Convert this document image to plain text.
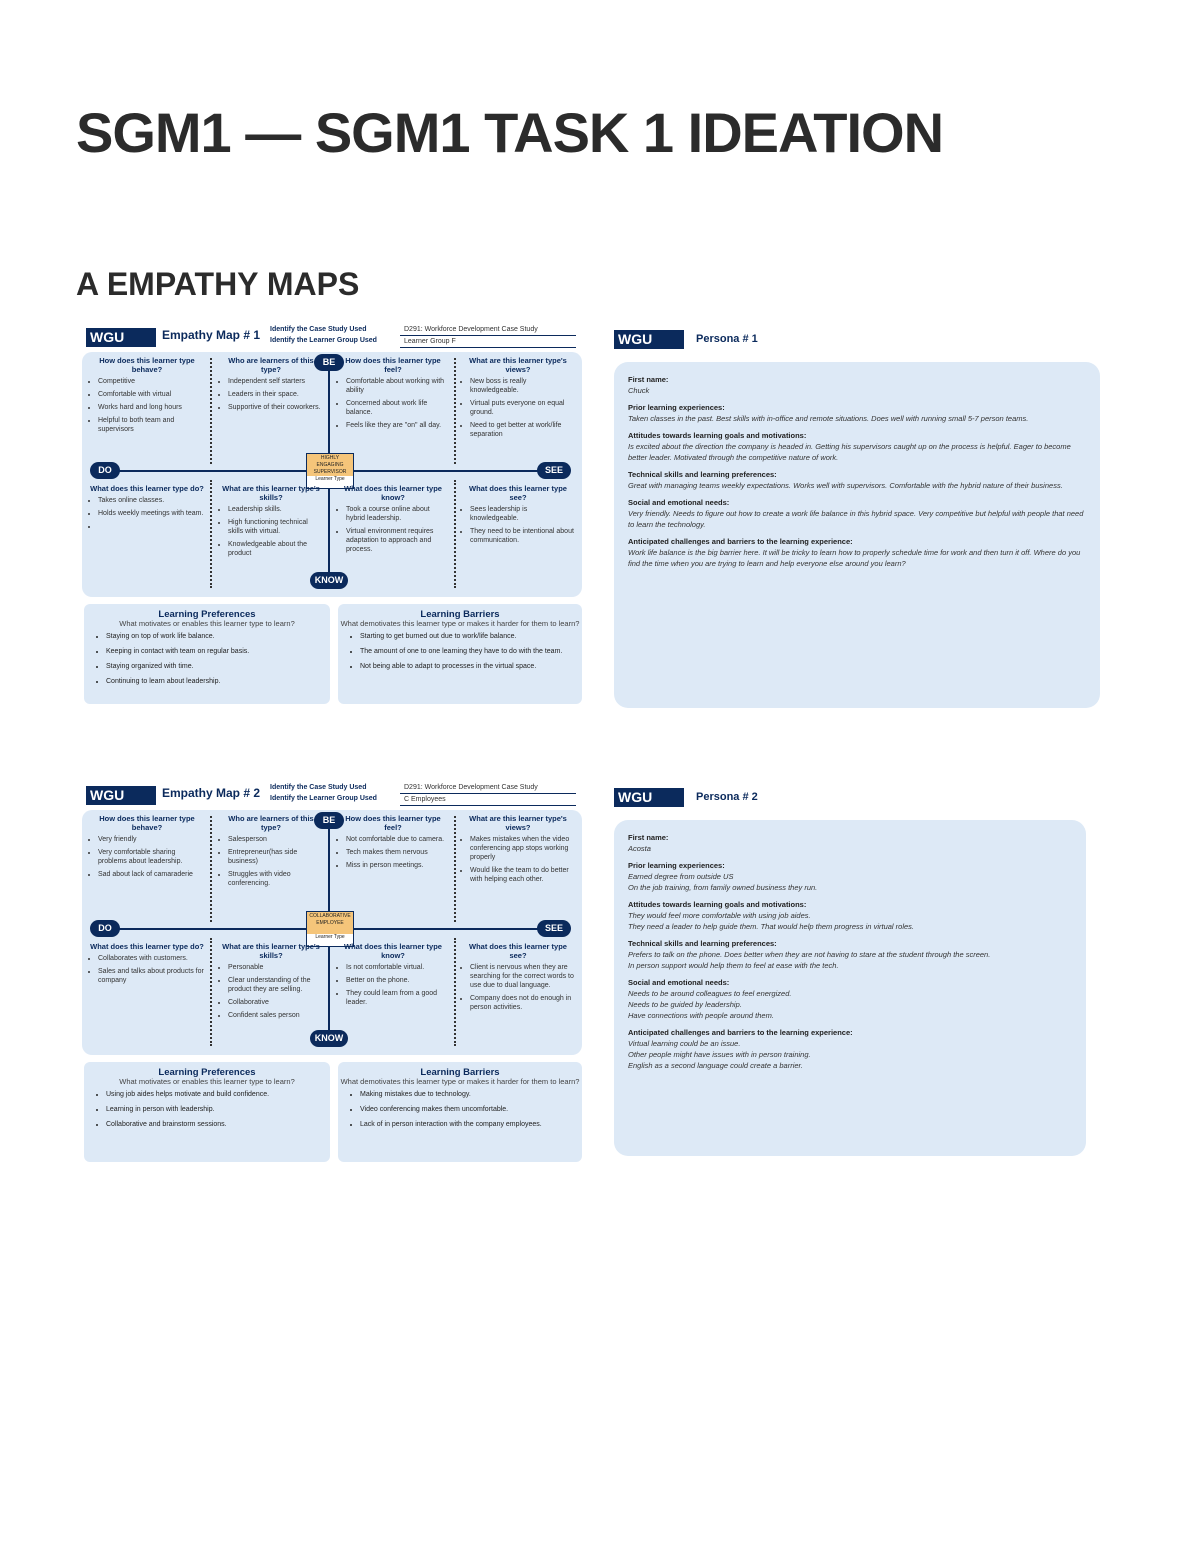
SGM1 — SGM1 TASK 1 IDEATION
A EMPATHY MAPS
WGU	Empathy Map # 1 Identify the Case Study Used
Identify the Learner Group Used
D291: Workforce Development Case Study
Learner Group F
BE
DO	SEE
KNOW
HIGHLY ENGAGING SUPERVISOR
Learner Type
How does this learner type behave?
• Competitive
• Comfortable with virtual
• Works hard and long hours
• Helpful to both team and supervisors
Who are learners of this type?
• Independent self starters
• Leaders in their space.
• Supportive of their coworkers.
How does this learner type feel?
• Comfortable about working with ability
• Concerned about work life balance.
• Feels like they are "on" all day.
What are this learner type's views?
• New boss is really knowledgeable.
• Virtual puts everyone on equal ground.
• Need to get better at work/life separation
What does this learner type do?
• Takes online classes.
• Holds weekly meetings with team.
•
What are this learner type's skills?
• Leadership skills.
• High functioning technical skills with virtual.
• Knowledgeable about the product
What does this learner type know?
• Took a course online about hybrid leadership.
• Virtual environment requires adaptation to approach and process.
What does this learner type see?
• Sees leadership is knowledgeable.
• They need to be intentional about communication.
Learning Preferences
What motivates or enables this learner type to learn?
• Staying on top of work life balance.
• Keeping in contact with team on regular basis.
• Staying organized with time.
• Continuing to learn about leadership.
Learning Barriers
What demotivates this learner type or makes it harder for them to learn?
• Starting to get burned out due to work/life balance.
• The amount of one to one learning they have to do with the team.
• Not being able to adapt to processes in the virtual space.
WGU	Empathy Map # 2 Identify the Case Study Used
Identify the Learner Group Used
D291: Workforce Development Case Study
C Employees
BE
DO	SEE
KNOW
COLLABORATIVE EMPLOYEE
Learner Type
How does this learner type behave?
• Very friendly
• Very comfortable sharing problems about leadership.
• Sad about lack of camaraderie
Who are learners of this type?
• Salesperson
• Entrepreneur(has side business)
• Struggles with video conferencing.
How does this learner type feel?
• Not comfortable due to camera.
• Tech makes them nervous
• Miss in person meetings.
What are this learner type's views?
• Makes mistakes when the video conferencing app stops working properly
• Would like the team to do better with helping each other.
What does this learner type do?
• Collaborates with customers.
• Sales and talks about products for company
What are this learner type's skills?
• Personable
• Clear understanding of the product they are selling.
• Collaborative
• Confident sales person
What does this learner type know?
• Is not comfortable virtual.
• Better on the phone.
• They could learn from a good leader.
What does this learner type see?
• Client is nervous when they are searching for the correct words to use due to dual language.
• Company does not do enough in person activities.
Learning Preferences
What motivates or enables this learner type to learn?
• Using job aides helps motivate and build confidence.
• Learning in person with leadership.
• Collaborative and brainstorm sessions.
Learning Barriers
What demotivates this learner type or makes it harder for them to learn?
• Making mistakes due to technology.
• Video conferencing makes them uncomfortable.
• Lack of in person interaction with the company employees.
WGU	Persona # 1
First name:
Chuck
Prior learning experiences:
Taken classes in the past. Best skills with in-office and remote situations. Does well with running small 5-7 person teams.
Attitudes towards learning goals and motivations:
Is excited about the direction the company is headed in. Getting his supervisors caught up on the process is helpful. Eager to become better leader. Motivated through the competitive nature of work.
Technical skills and learning preferences:
Great with managing teams weekly expectations. Works well with supervisors. Comfortable with the hybrid nature of their business.
Social and emotional needs:
Very friendly. Needs to figure out how to create a work life balance in this hybrid space. Very competitive but helpful with people that need to learn the technology.
Anticipated challenges and barriers to the learning experience:
Work life balance is the big barrier here. It will be tricky to learn how to properly schedule time for work and then turn it off. Where do you find the time when you are trying to learn and help everyone else around you learn?
WGU	Persona # 2
First name:
Acosta
Prior learning experiences:
Earned degree from outside US
On the job training, from family owned business they run.
Attitudes towards learning goals and motivations:
They would feel more comfortable with using job aides.
They need a leader to help guide them. That would help them progress in virtual roles.
Technical skills and learning preferences:
Prefers to talk on the phone. Does better when they are not having to stare at the student through the screen.
In person support would help them to feel at ease with the tech.
Social and emotional needs:
Needs to be around colleagues to feel energized.
Needs to be guided by leadership.
Have connections with people around them.
Anticipated challenges and barriers to the learning experience:
Virtual learning could be an issue.
Other people might have issues with in person training.
English as a second language could create a barrier.
